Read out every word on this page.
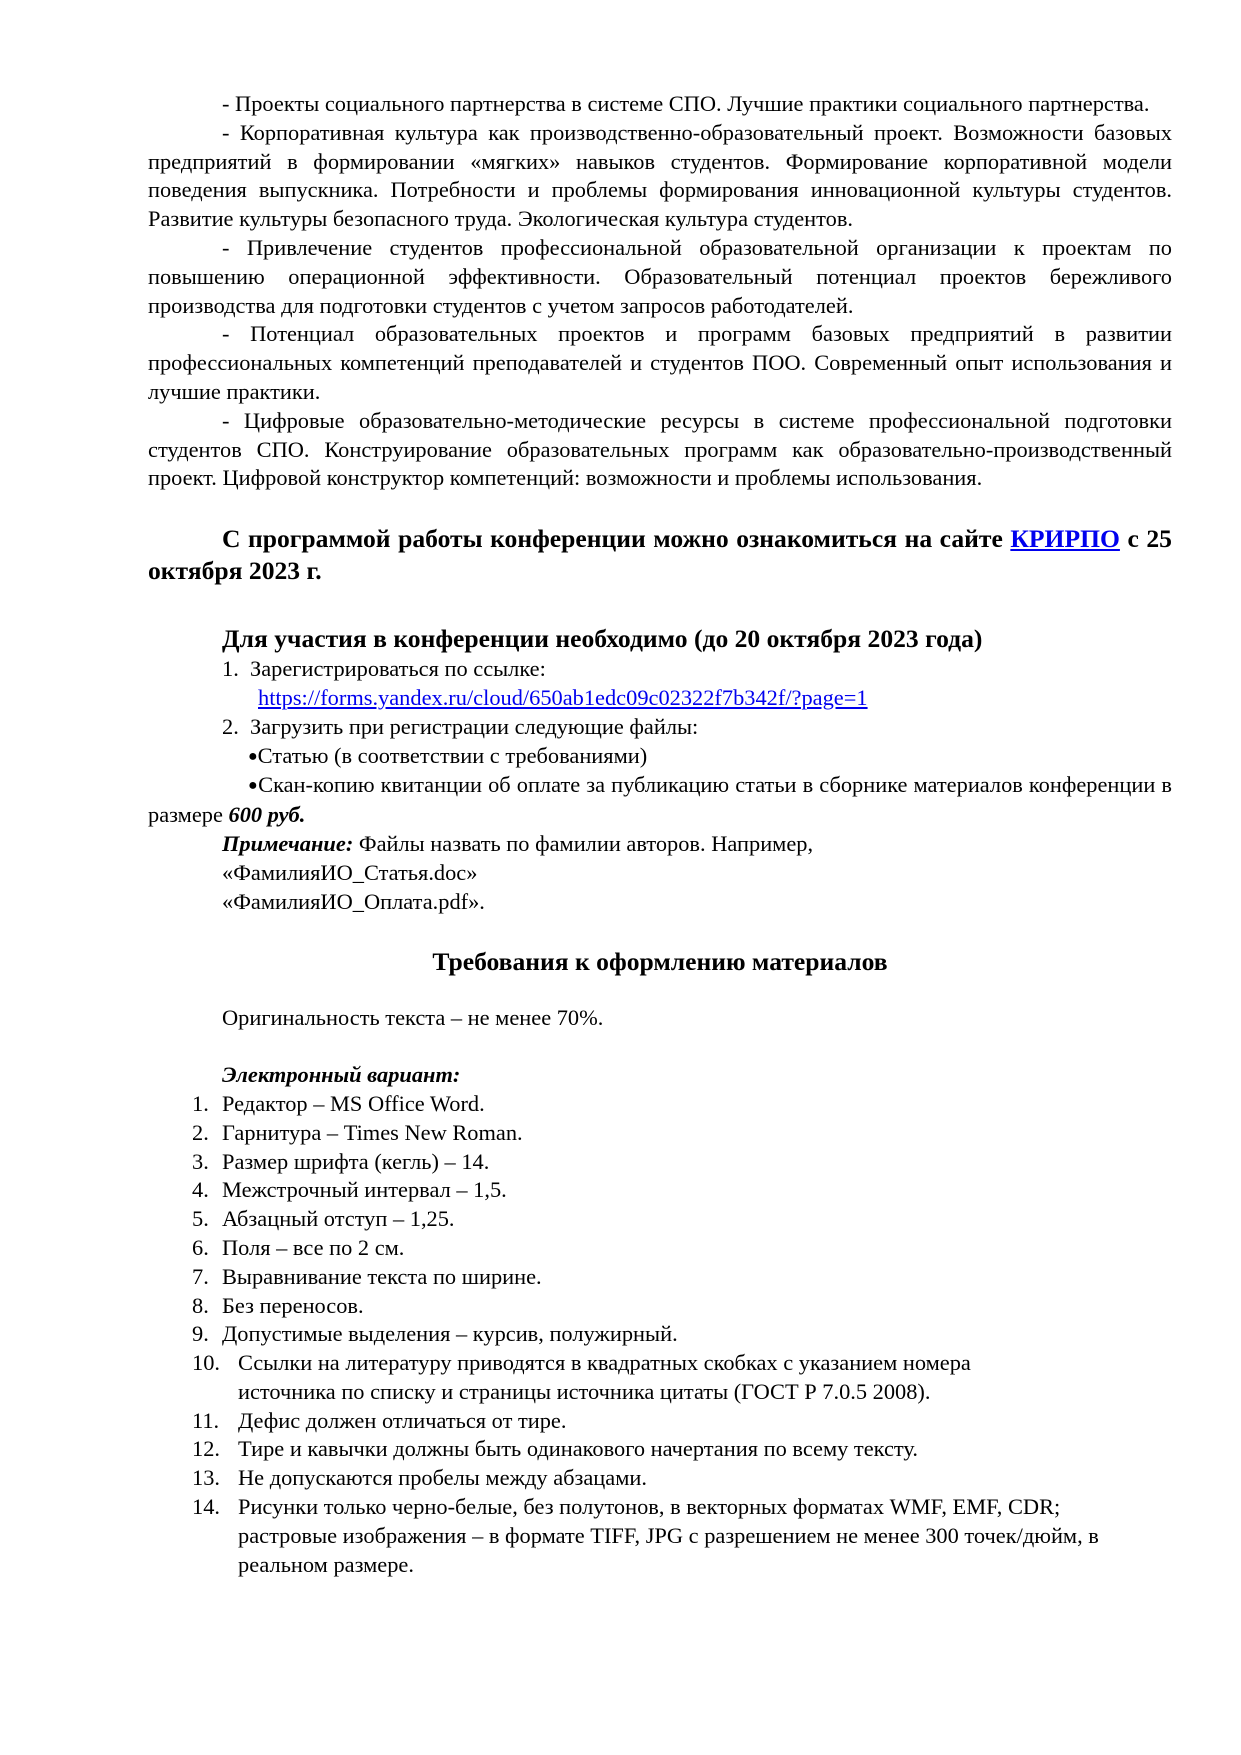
- Проекты социального партнерства в системе СПО. Лучшие практики социального партнерства.

- Корпоративная культура как производственно-образовательный проект. Возможности базовых предприятий в формировании «мягких» навыков студентов. Формирование корпоративной модели поведения выпускника. Потребности и проблемы формирования инновационной культуры студентов. Развитие культуры безопасного труда. Экологическая культура студентов.

- Привлечение студентов профессиональной образовательной организации к проектам по повышению операционной эффективности. Образовательный потенциал проектов бережливого производства для подготовки студентов с учетом запросов работодателей.

- Потенциал образовательных проектов и программ базовых предприятий в развитии профессиональных компетенций преподавателей и студентов ПОО. Современный опыт использования и лучшие практики.

- Цифровые образовательно-методические ресурсы в системе профессиональной подготовки студентов СПО. Конструирование образовательных программ как образовательно-производственный проект. Цифровой конструктор компетенций: возможности и проблемы использования.

С программой работы конференции можно ознакомиться на сайте КРИРПО с 25 октября 2023 г.

Для участия в конференции необходимо (до 20 октября 2023 года)
1. Зарегистрироваться по ссылке:
https://forms.yandex.ru/cloud/650ab1edc09c02322f7b342f/?page=1
2. Загрузить при регистрации следующие файлы:

●Статью (в соответствии с требованиями)

●Скан-копию квитанции об оплате за публикацию статьи в сборнике материалов конференции в размере 600 руб.

Примечание: Файлы назвать по фамилии авторов. Например,
«ФамилияИО_Статья.doc»
«ФамилияИО_Оплата.pdf».
Требования к оформлению материалов
Оригинальность текста – не менее 70%.
Электронный вариант:
1. Редактор – MS Office Word.
2. Гарнитура – Times New Roman.
3. Размер шрифта (кегль) – 14.
4. Межстрочный интервал – 1,5.
5. Абзацный отступ – 1,25.
6. Поля – все по 2 см.
7. Выравнивание текста по ширине.
8. Без переносов.
9. Допустимые выделения – курсив, полужирный.
10. Ссылки на литературу приводятся в квадратных скобках с указанием номера источника по списку и страницы источника цитаты (ГОСТ Р 7.0.5 2008).
11. Дефис должен отличаться от тире.
12. Тире и кавычки должны быть одинакового начертания по всему тексту.
13. Не допускаются пробелы между абзацами.
14. Рисунки только черно-белые, без полутонов, в векторных форматах WMF, EMF, CDR; растровые изображения – в формате TIFF, JPG с разрешением не менее 300 точек/дюйм, в реальном размере.
